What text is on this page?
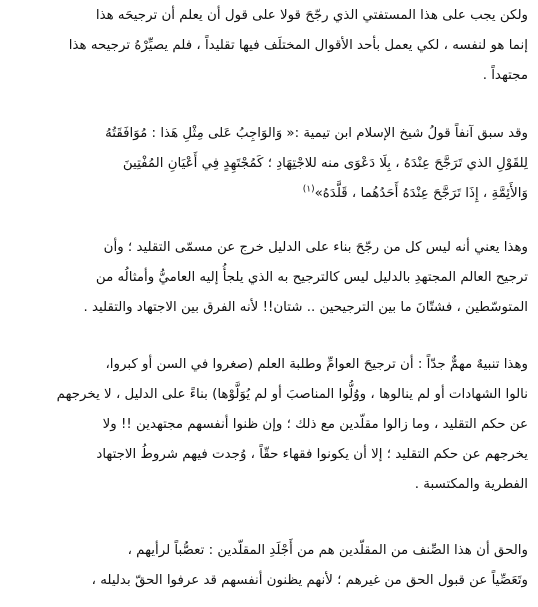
ولكن يجب على هذا المستفتي الذي رجّحَ قولا على قول أن يعلم أن ترجيحَه هذا
إنما هو لنفسه ، لكي يعمل بأحد الأقوال المختلَف فيها تقليداً ، فلم يصيِّرْهُ ترجيحه هذا
مجتهداً .

وقد سبق آنفاً قولُ شيخ الإسلام ابن تيمية :« وَالوَاجِبُ عَلى مِثْلِ هَذا : مُوَافَقَتُهُ
لِلقَوْلِ الذي تَرَجَّحَ عِنْدَهُ ، بِلَا دَعْوَى منه للاجْتِهَادِ ؛ كَمُجْتَهِدٍ فِي أَعْيَانِ المُفْتِينَ
وَالأَئِمَّةِ ، إِذَا تَرَجَّحَ عِنْدَهُ أَحَدُهُما ، قَلَّدَهُ»$^{(١)}$

وهذا يعني أنه ليس كل من رجّحَ بناء على الدليل خرج عن مسمّى التقليد ؛ وأن
ترجيح العالم المجتهدِ بالدليل ليس كالترجيح به الذي يلجأُ إليه العاميُّ وأمثالُه من
المتوسّطين ، فشتّانَ ما بين الترجيحين .. شتان!! لأنه الفرق بين الاجتهاد والتقليد .

وهذا تنبيهٌ مهمٌّ جدّاً : أن ترجيحَ العوامِّ وطلبة العلم (صغروا في السن أو كبروا،
نالوا الشهادات أو لم ينالوها ، ووُلُّوا المناصبَ أو لم يُوَلَّوْها) بناءً على الدليل ، لا يخرجهم
عن حكم التقليد ، وما زالوا مقلّدين مع ذلك ؛ وإن ظنوا أنفسهم مجتهدين !! ولا
يخرجهم عن حكم التقليد ؛ إلا أن يكونوا فقهاء حقّاً ، وُجدت فيهم شروطُ الاجتهاد
الفطرية والمكتسبة .

والحق أن هذا الصِّنف من المقلّدين هم من أَجْلَدِ المقلّدين : تعصُّباً لرأيهم ،
وتَعَصِّياً عن قبول الحق من غيرهم ؛ لأنهم يظنون أنفسهم قد عرفوا الحقّ بدليله ،
